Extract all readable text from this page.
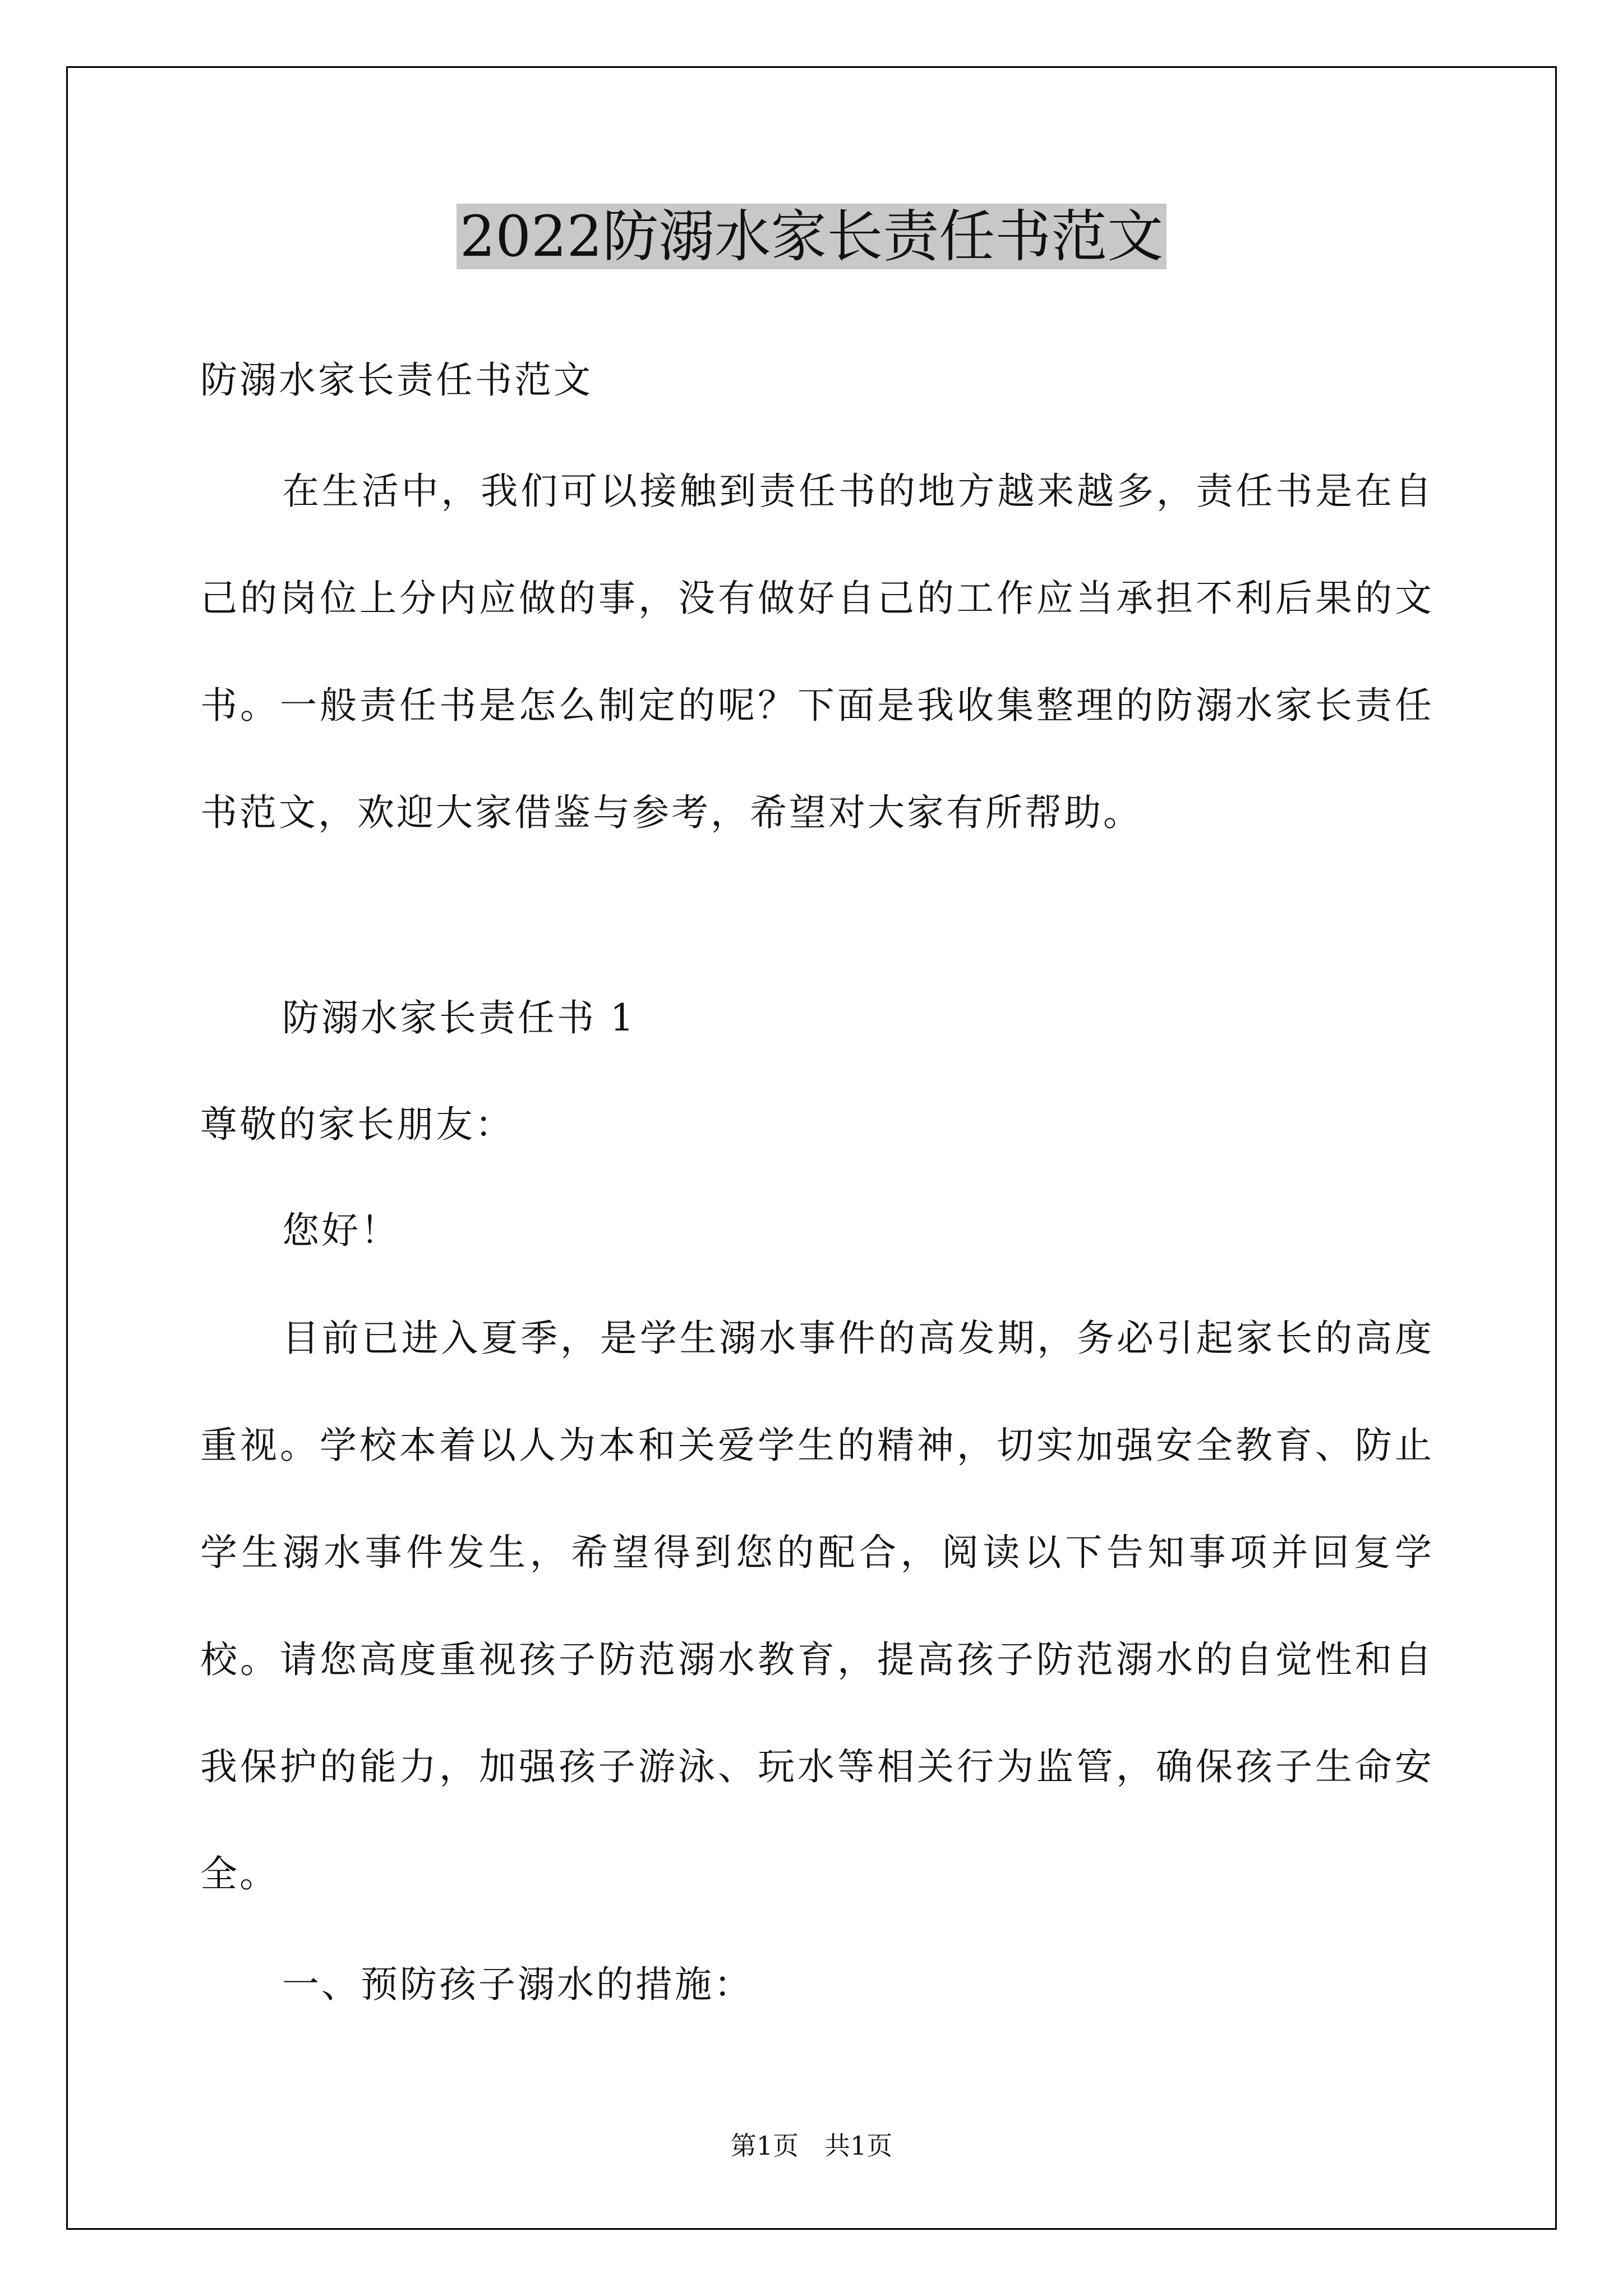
2022防溺水家长责任书范文

防溺水家长责任书范文

在生活中，我们可以接触到责任书的地方越来越多，责任书是在自己的岗位上分内应做的事，没有做好自己的工作应当承担不利后果的文书。一般责任书是怎么制定的呢？下面是我收集整理的防溺水家长责任书范文，欢迎大家借鉴与参考，希望对大家有所帮助。

防溺水家长责任书 1

尊敬的家长朋友：

您好！

目前已进入夏季，是学生溺水事件的高发期，务必引起家长的高度重视。学校本着以人为本和关爱学生的精神，切实加强安全教育、防止学生溺水事件发生，希望得到您的配合，阅读以下告知事项并回复学校。请您高度重视孩子防范溺水教育，提高孩子防范溺水的自觉性和自我保护的能力，加强孩子游泳、玩水等相关行为监管，确保孩子生命安全。

一、预防孩子溺水的措施：

第1页　共1页
